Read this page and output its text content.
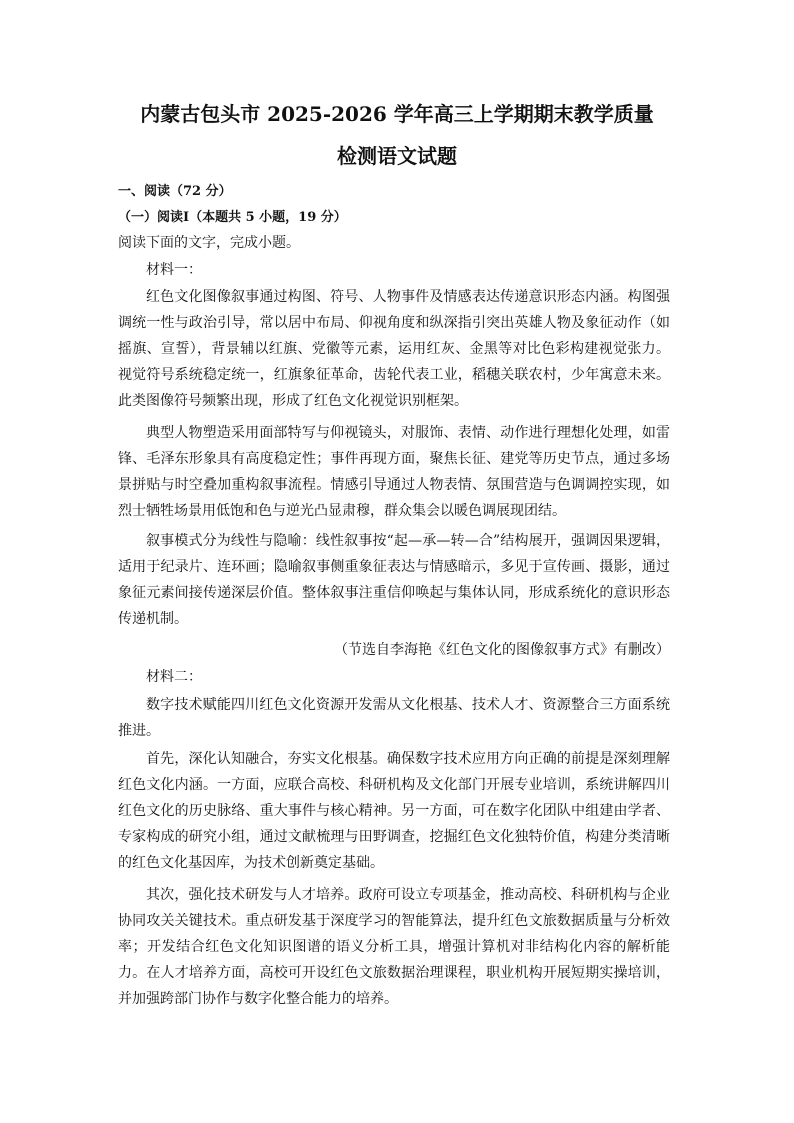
内蒙古包头市 2025-2026 学年高三上学期期末教学质量
检测语文试题
一、阅读（72 分）
（一）阅读Ⅰ（本题共 5 小题，19 分）

阅读下面的文字，完成小题。

材料一：

红色文化图像叙事通过构图、符号、人物事件及情感表达传递意识形态内涵。构图强调统一性与政治引导，常以居中布局、仰视角度和纵深指引突出英雄人物及象征动作（如摇旗、宣誓），背景辅以红旗、党徽等元素，运用红灰、金黑等对比色彩构建视觉张力。视觉符号系统稳定统一，红旗象征革命，齿轮代表工业，稻穗关联农村，少年寓意未来。此类图像符号频繁出现，形成了红色文化视觉识别框架。

典型人物塑造采用面部特写与仰视镜头，对服饰、表情、动作进行理想化处理，如雷锋、毛泽东形象具有高度稳定性；事件再现方面，聚焦长征、建党等历史节点，通过多场景拼贴与时空叠加重构叙事流程。情感引导通过人物表情、氛围营造与色调调控实现，如烈士牺牲场景用低饱和色与逆光凸显肃穆，群众集会以暖色调展现团结。

叙事模式分为线性与隐喻：线性叙事按“起—承—转—合”结构展开，强调因果逻辑，适用于纪录片、连环画；隐喻叙事侧重象征表达与情感暗示，多见于宣传画、摄影，通过象征元素间接传递深层价值。整体叙事注重信仰唤起与集体认同，形成系统化的意识形态传递机制。

（节选自李海艳《红色文化的图像叙事方式》有删改）

材料二：

数字技术赋能四川红色文化资源开发需从文化根基、技术人才、资源整合三方面系统推进。

首先，深化认知融合，夯实文化根基。确保数字技术应用方向正确的前提是深刻理解红色文化内涵。一方面，应联合高校、科研机构及文化部门开展专业培训，系统讲解四川红色文化的历史脉络、重大事件与核心精神。另一方面，可在数字化团队中组建由学者、专家构成的研究小组，通过文献梳理与田野调查，挖掘红色文化独特价值，构建分类清晰的红色文化基因库，为技术创新奠定基础。

其次，强化技术研发与人才培养。政府可设立专项基金，推动高校、科研机构与企业协同攻关关键技术。重点研发基于深度学习的智能算法，提升红色文旅数据质量与分析效率；开发结合红色文化知识图谱的语义分析工具，增强计算机对非结构化内容的解析能力。在人才培养方面，高校可开设红色文旅数据治理课程，职业机构开展短期实操培训，并加强跨部门协作与数字化整合能力的培养。
